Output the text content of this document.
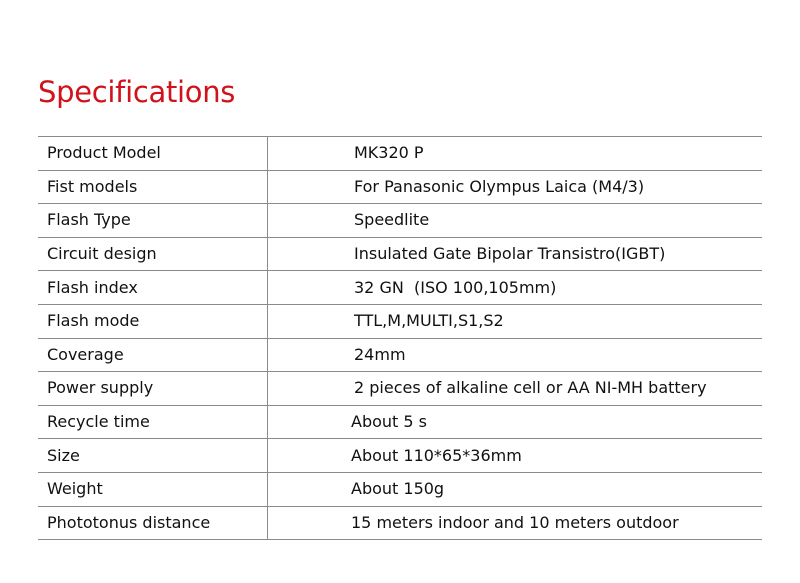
Specifications
Product Model	MK320 P
Fist models	For Panasonic Olympus Laica (M4/3)
Flash Type	Speedlite
Circuit design	Insulated Gate Bipolar Transistro(IGBT)
Flash index	32 GN  (ISO 100,105mm)
Flash mode	TTL,M,MULTI,S1,S2
Coverage	24mm
Power supply	2 pieces of alkaline cell or AA NI-MH battery
Recycle time	About 5 s
Size	About 110*65*36mm
Weight	About 150g
Phototonus distance	15 meters indoor and 10 meters outdoor
